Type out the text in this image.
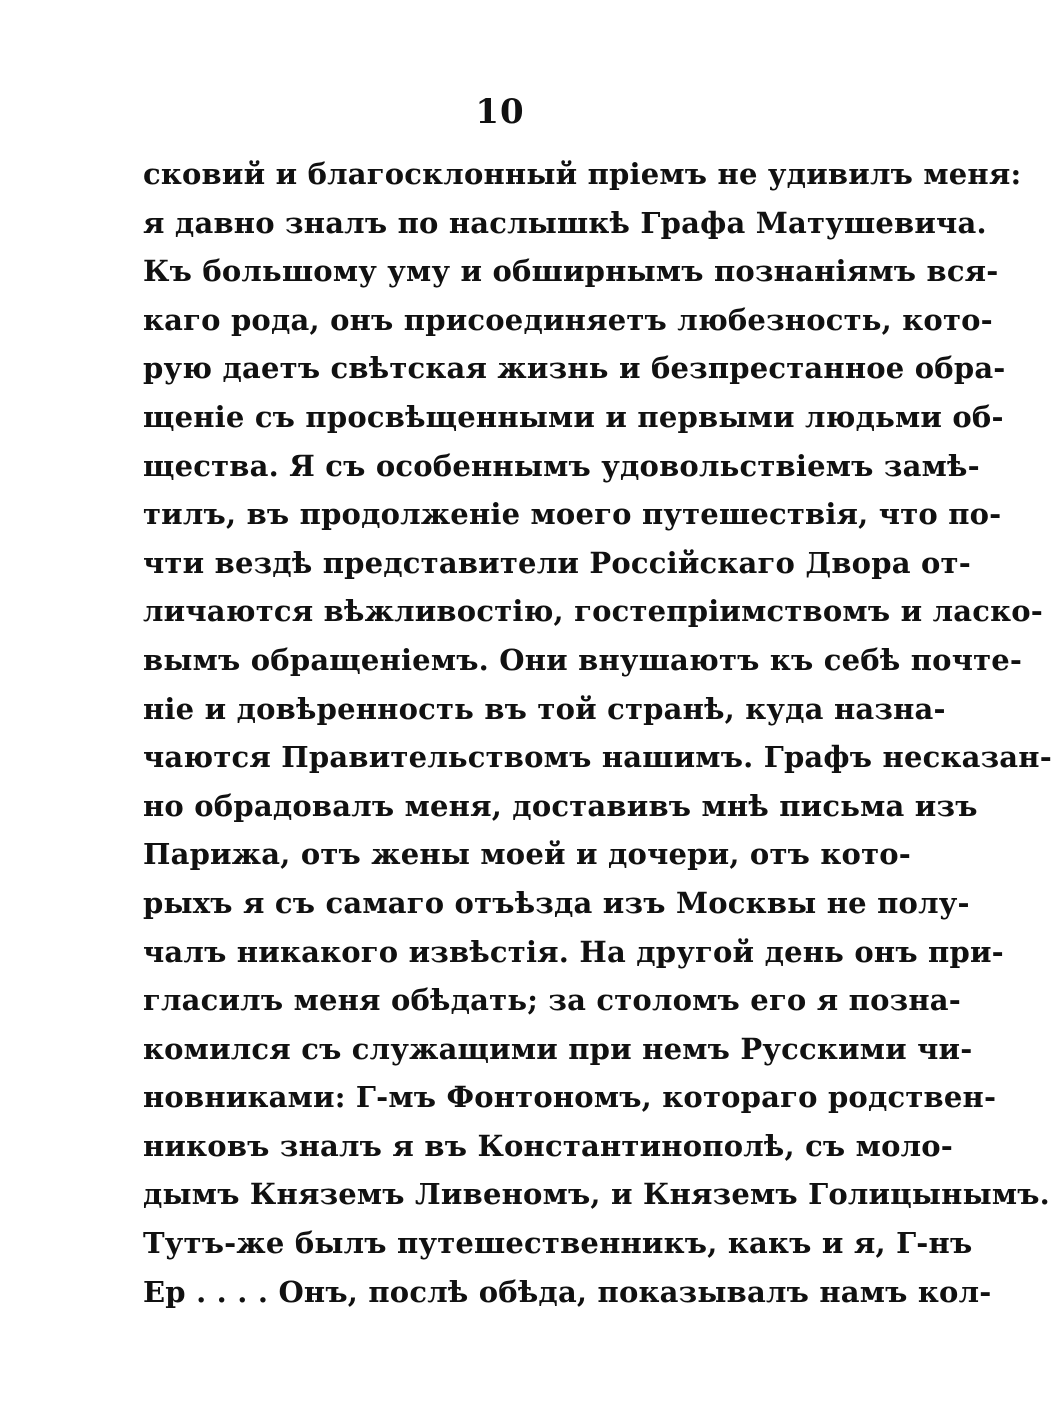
10
сковий и благосклонный пріемъ не удивилъ меня:
я давно зналъ по наслышкѣ Графа Матушевича.
Къ большому уму и обширнымъ познаніямъ вся-
каго рода, онъ присоединяетъ любезность, кото-
рую даетъ свѣтская жизнь и безпрестанное обра-
щеніе съ просвѣщенными и первыми людьми об-
щества. Я съ особеннымъ удовольствіемъ замѣ-
тилъ, въ продолженіе моего путешествія, что по-
чти вездѣ представители Россійскаго Двора от-
личаются вѣжливостію, гостепріимствомъ и ласко-
вымъ обращеніемъ. Они внушаютъ къ себѣ почте-
ніе и довѣренность въ той странѣ, куда назна-
чаются Правительствомъ нашимъ. Графъ несказан-
но обрадовалъ меня, доставивъ мнѣ письма изъ
Парижа, отъ жены моей и дочери, отъ кото-
рыхъ я съ самаго отъѣзда изъ Москвы не полу-
чалъ никакого извѣстія. На другой день онъ при-
гласилъ меня обѣдать; за столомъ его я позна-
комился съ служащими при немъ Русскими чи-
новниками: Г-мъ Фонтономъ, котораго родствен-
никовъ зналъ я въ Константинополѣ, съ моло-
дымъ Княземъ Ливеномъ, и Княземъ Голицынымъ.
Тутъ-же былъ путешественникъ, какъ и я, Г-нъ
Ер . . . . Онъ, послѣ обѣда, показывалъ намъ кол-
